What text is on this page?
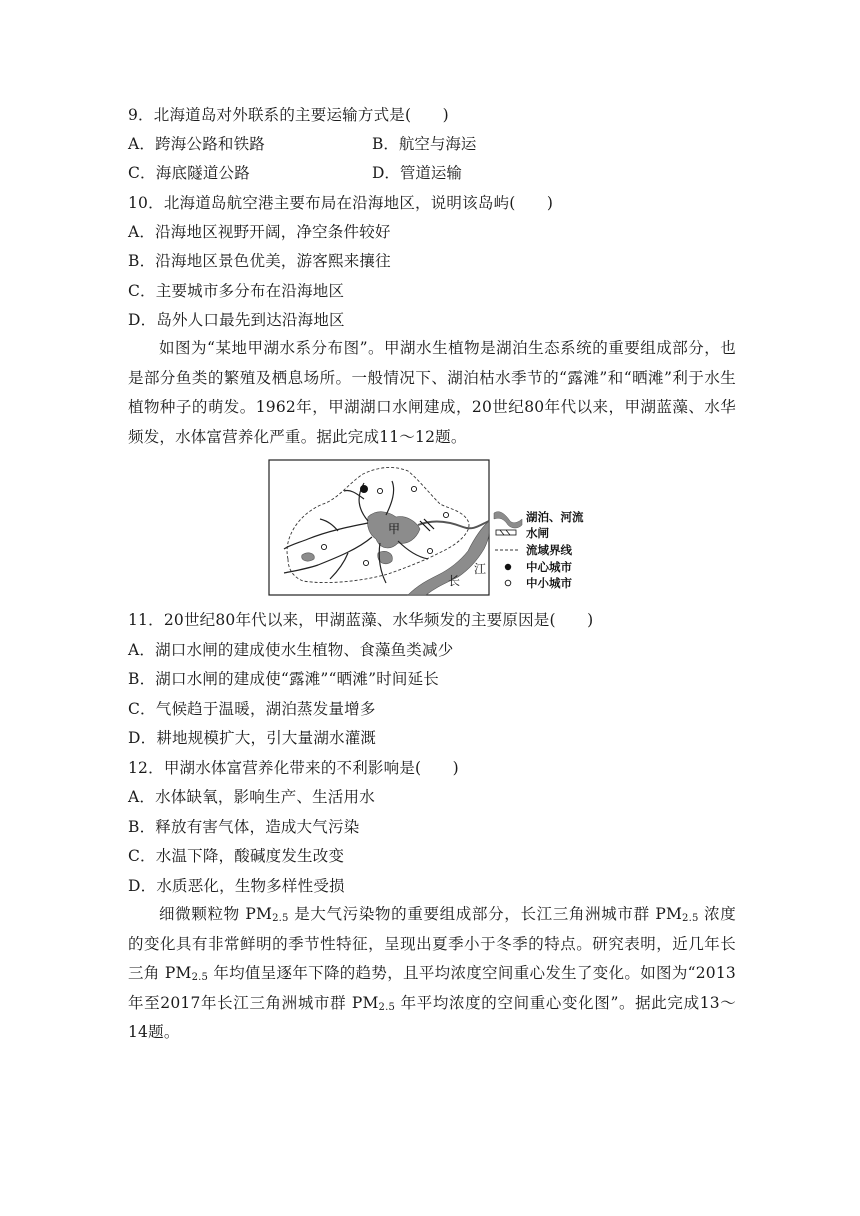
9．北海道岛对外联系的主要运输方式是(　　)
A．跨海公路和铁路	B．航空与海运
C．海底隧道公路	D．管道运输
10．北海道岛航空港主要布局在沿海地区，说明该岛屿(　　)
A．沿海地区视野开阔，净空条件较好
B．沿海地区景色优美，游客熙来攘往
C．主要城市多分布在沿海地区
D．岛外人口最先到达沿海地区
如图为“某地甲湖水系分布图”。甲湖水生植物是湖泊生态系统的重要组成部分，也是部分鱼类的繁殖及栖息场所。一般情况下、湖泊枯水季节的“露滩”和“晒滩”利于水生植物种子的萌发。1962年，甲湖湖口水闸建成，20世纪80年代以来，甲湖蓝藻、水华频发，水体富营养化严重。据此完成11～12题。
甲
江
长
湖泊、河流
水闸
流域界线
中心城市
中小城市
11．20世纪80年代以来，甲湖蓝藻、水华频发的主要原因是(　　)
A．湖口水闸的建成使水生植物、食藻鱼类减少
B．湖口水闸的建成使“露滩”“晒滩”时间延长
C．气候趋于温暖，湖泊蒸发量增多
D．耕地规模扩大，引大量湖水灌溉
12．甲湖水体富营养化带来的不利影响是(　　)
A．水体缺氧，影响生产、生活用水
B．释放有害气体，造成大气污染
C．水温下降，酸碱度发生改变
D．水质恶化，生物多样性受损
细微颗粒物 $PM_{2.5}$ 是大气污染物的重要组成部分，长江三角洲城市群 $PM_{2.5}$ 浓度的变化具有非常鲜明的季节性特征，呈现出夏季小于冬季的特点。研究表明，近几年长三角 $PM_{2.5}$ 年均值呈逐年下降的趋势，且平均浓度空间重心发生了变化。如图为“2013年至2017年长江三角洲城市群 $PM_{2.5}$ 年平均浓度的空间重心变化图”。据此完成13～14题。
